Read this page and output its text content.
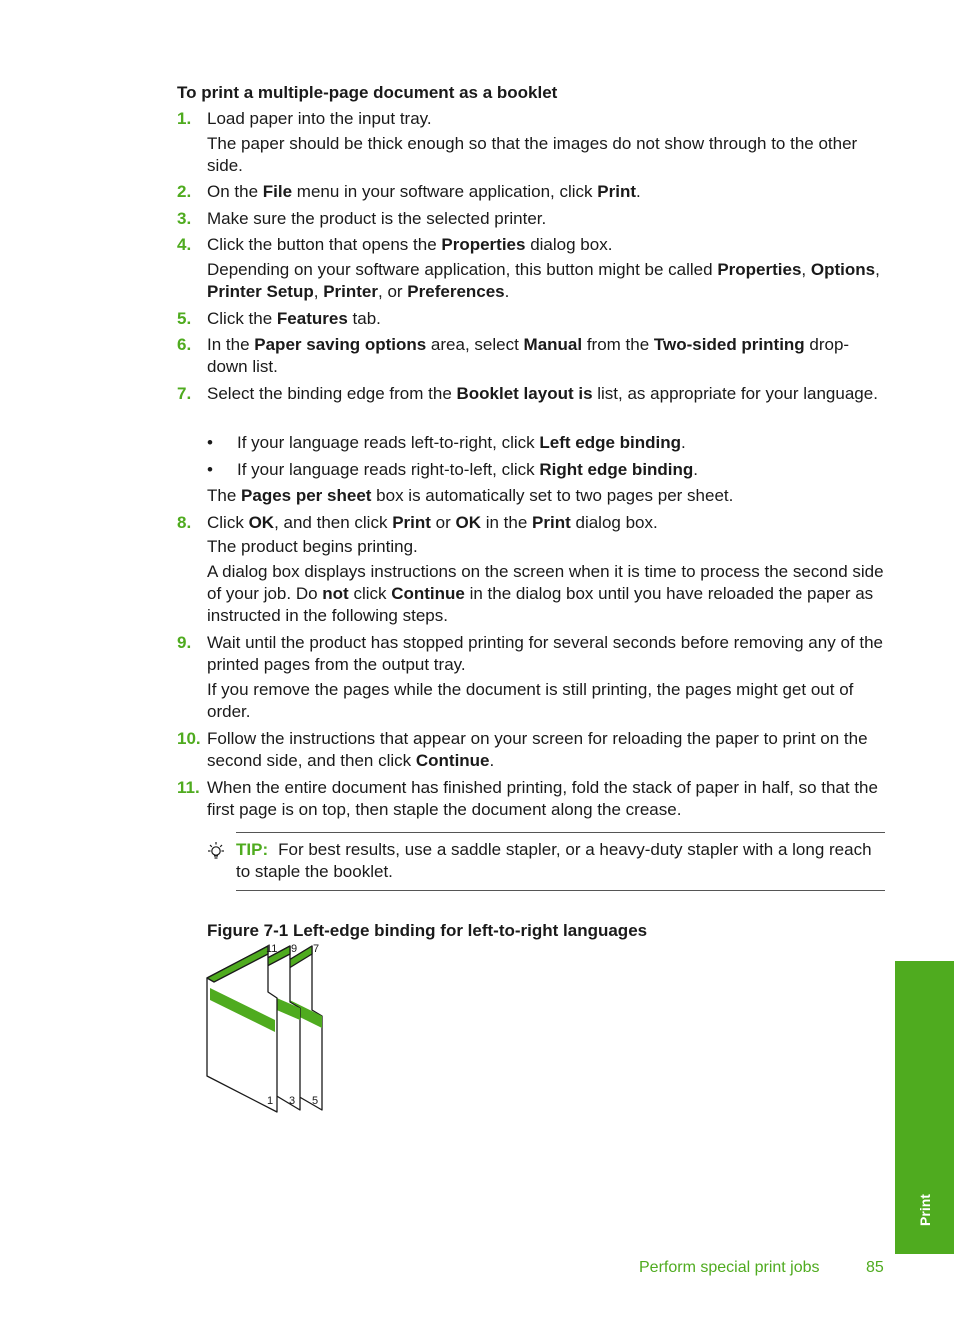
To print a multiple-page document as a booklet
1. Load paper into the input tray.
The paper should be thick enough so that the images do not show through to the other side.
2. On the File menu in your software application, click Print.
3. Make sure the product is the selected printer.
4. Click the button that opens the Properties dialog box.
Depending on your software application, this button might be called Properties, Options, Printer Setup, Printer, or Preferences.
5. Click the Features tab.
6. In the Paper saving options area, select Manual from the Two-sided printing drop-down list.
7. Select the binding edge from the Booklet layout is list, as appropriate for your language.
• If your language reads left-to-right, click Left edge binding.
• If your language reads right-to-left, click Right edge binding.
The Pages per sheet box is automatically set to two pages per sheet.
8. Click OK, and then click Print or OK in the Print dialog box.
The product begins printing.
A dialog box displays instructions on the screen when it is time to process the second side of your job. Do not click Continue in the dialog box until you have reloaded the paper as instructed in the following steps.
9. Wait until the product has stopped printing for several seconds before removing any of the printed pages from the output tray.
If you remove the pages while the document is still printing, the pages might get out of order.
10. Follow the instructions that appear on your screen for reloading the paper to print on the second side, and then click Continue.
11. When the entire document has finished printing, fold the stack of paper in half, so that the first page is on top, then staple the document along the crease.
TIP: For best results, use a saddle stapler, or a heavy-duty stapler with a long reach to staple the booklet.
Figure 7-1 Left-edge binding for left-to-right languages
11 9 7
1 3 5
Print
Perform special print jobs	85
